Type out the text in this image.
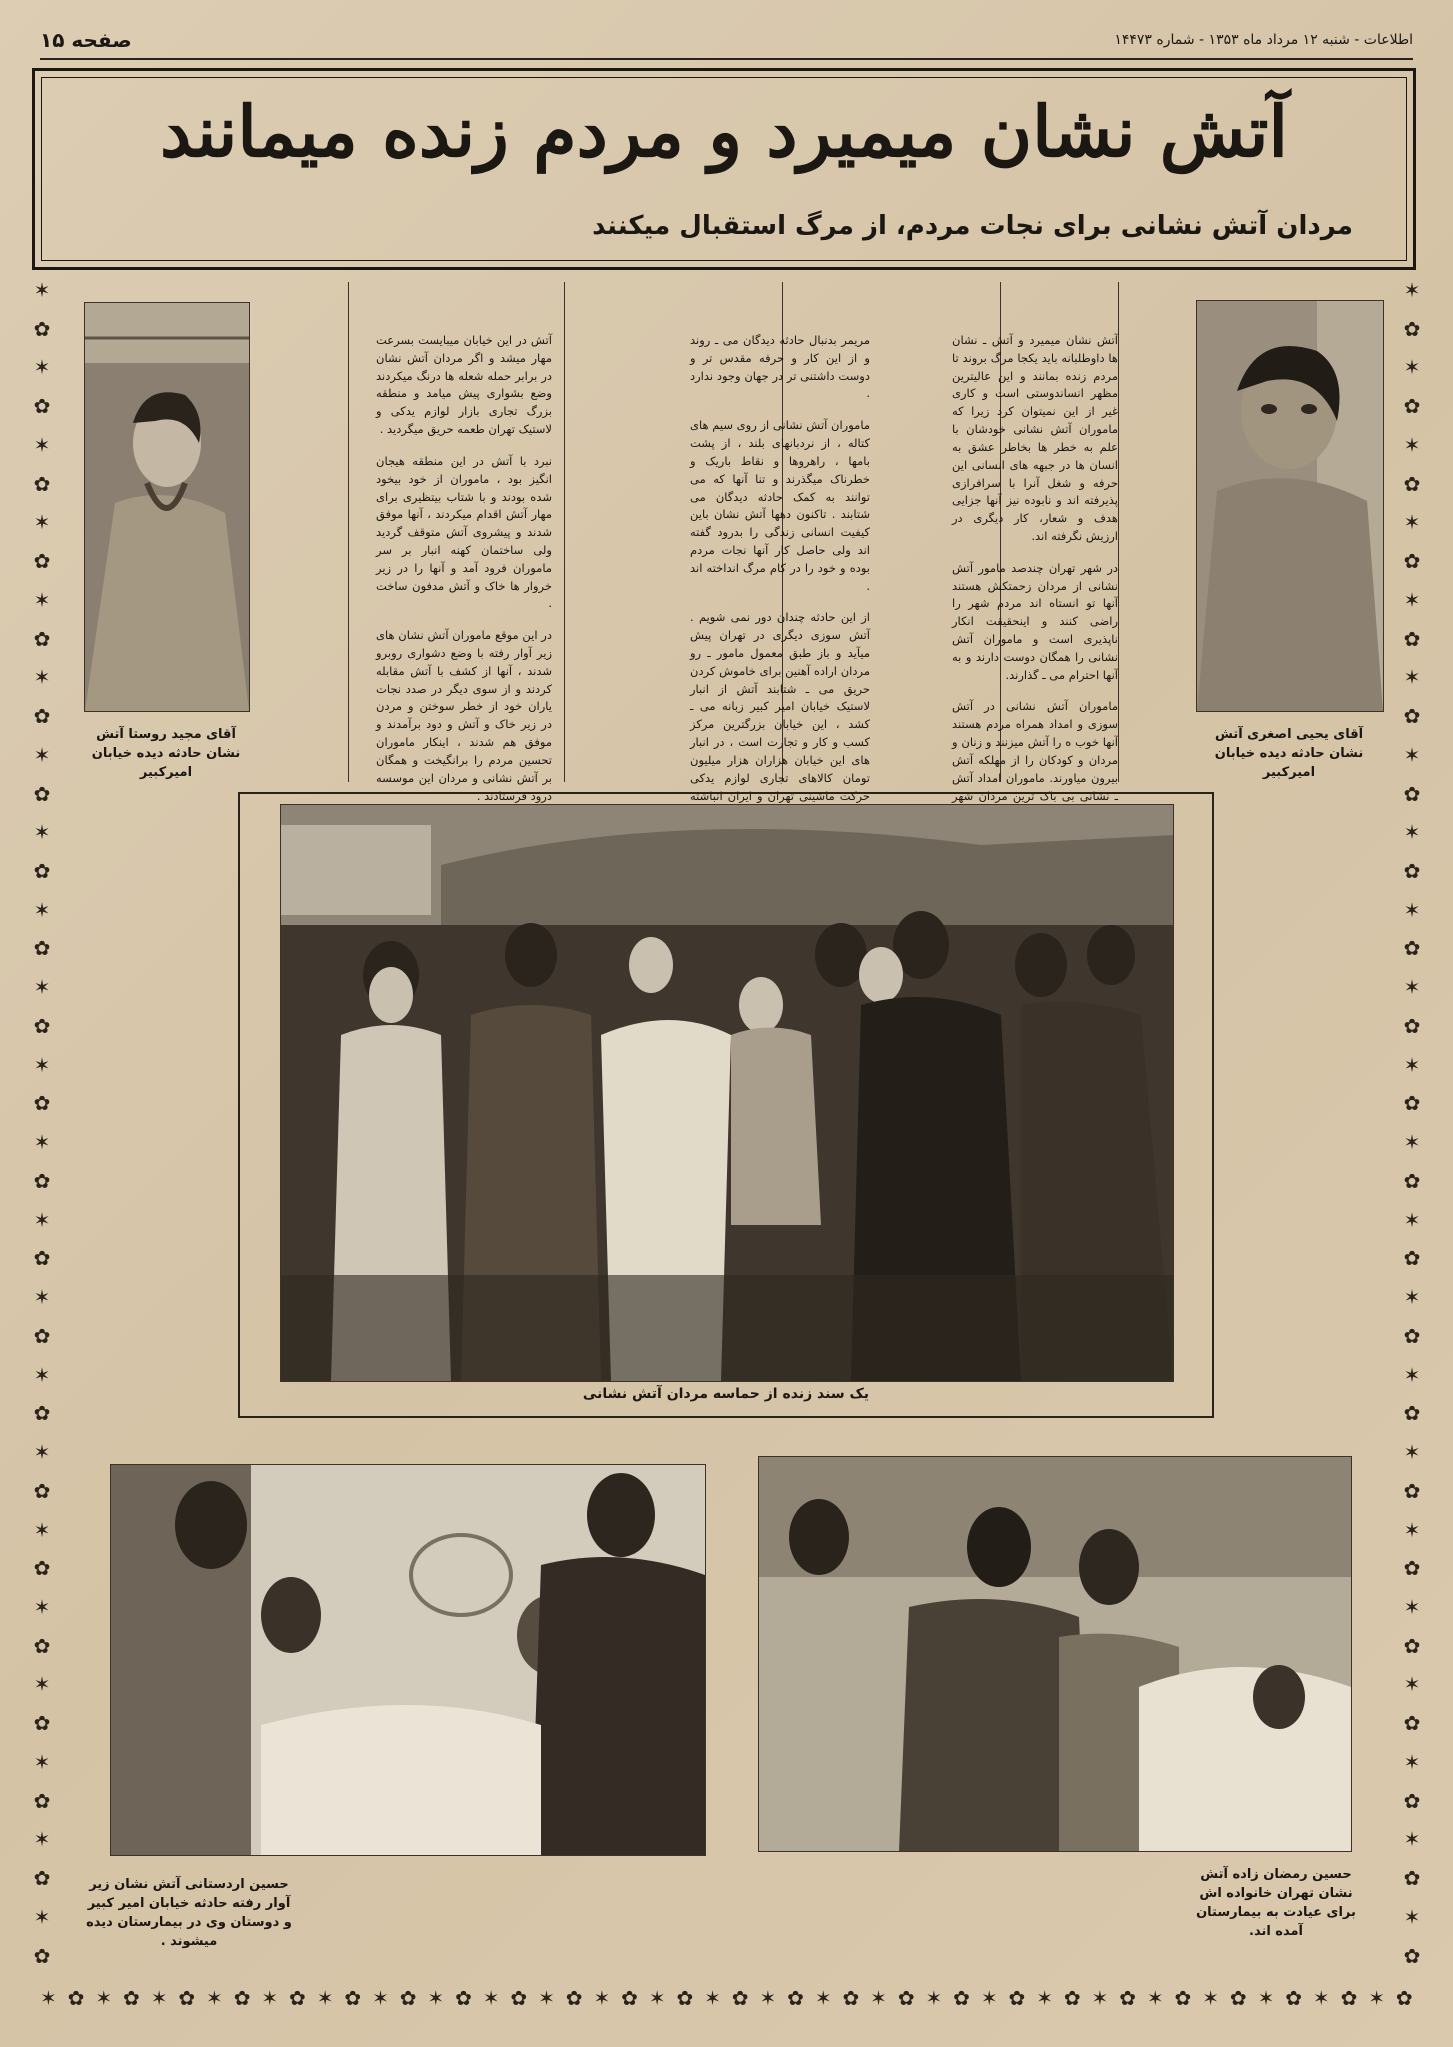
اطلاعات - شنبه ۱۲ مرداد ماه ۱۳۵۳ - شماره ۱۴۴۷۳
صفحه ۱۵
آتش نشان میمیرد و مردم زنده میمانند
مردان آتش نشانی برای نجات مردم، از مرگ استقبال میکنند
✶
✿
✶
✿
✶
✿
✶
✿
✶
✿
✶
✿
✶
✿
✶
✿
✶
✿
✶
✿
✶
✿
✶
✿
✶
✿
✶
✿
✶
✿
✶
✿
✶
✿
✶
✿
✶
✿
✶
✿
✶
✿
✶
✿
✶
✿
✶
✿
✶
✿
✶
✿
✶
✿
✶
✿
✶
✿
✶
✿
✶
✿
✶
✿
✶
✿
✶
✿
✶
✿
✶
✿
✶
✿
✶
✿
✶
✿
✶
✿
✶
✿
✶
✿
✶
✿
✶
✿
✶ ✿ ✶ ✿ ✶ ✿ ✶ ✿ ✶ ✿ ✶ ✿ ✶ ✿ ✶ ✿ ✶ ✿ ✶ ✿ ✶ ✿ ✶ ✿ ✶ ✿ ✶ ✿ ✶ ✿ ✶ ✿ ✶ ✿ ✶ ✿ ✶ ✿ ✶ ✿ ✶ ✿ ✶ ✿ ✶ ✿ ✶ ✿ ✶ ✿
آقای مجید روستا آتش نشان حادثه دیده خیابان امیرکبیر
آقای یحیی اصغری آتش نشان حادثه دیده خیابان امیرکبیر

آتش نشان میمیرد و آتش ـ نشان ها داوطلبانه باید یکجا مرگ بروند تا مردم زنده بمانند و این عالیترین مظهر انساندوستی است و کاری غیر از این نمیتوان کرد زیرا که ماموران آتش نشانی خودشان با علم به خطر ها بخاطر عشق به انسان ها در جبهه های انسانی این حرفه و شغل آنرا با سرافرازی پذیرفته اند و نابوده نیز آنها جزایی هدف و شعار، کار دیگری در ارزیش نگرفته اند.

در شهر تهران چندصد مامور آتش نشانی از مردان زحمتکش هستند آنها تو انستاه اند مردم شهر را راضی کنند و اینحقیقت انکار ناپذیری است و ماموران آتش نشانی را همگان دوست دارند و به آنها احترام می ـ گذارند.

ماموران آتش نشانی در آتش سوزی و امداد همراه مردم هستند آنها خوب ه را آتش میزنند و زنان و مردان و کودکان را از مهلکه آتش بیرون میاورند. ماموران امداد آتش ـ نشانی بی باک ترین مردان شهر

مریمر بدنبال حادثه دیدگان می ـ روند و از این کار و حرفه مقدس تر و دوست داشتنی تر در جهان وجود ندارد .

ماموران آتش نشانی از روی سیم های کتاله ، از نردبانهای بلند ، از پشت بامها ، راهروها و نقاط باریک و خطرناک میگذرند و تنا آنها که می توانند به کمک حادثه دیدگان می شتابند . تاکنون دهها آتش نشان باین کیفیت انسانی زندگی را بدرود گفته اند ولی حاصل کار آنها نجات مردم بوده و خود را در کام مرگ انداخته اند .

از این حادثه چندان دور نمی شویم . آتش سوزی دیگری در تهران پیش میآید و باز طبق معمول مامور ـ رو مردان اراده آهنین برای خاموش کردن حریق می ـ شتابند آتش از انبار لاستیک خیابان امیر کبیر زبانه می ـ کشد ، این خیابان بزرگترین مرکز کسب و کار و تجارت است ، در انبار های این خیابان هزاران هزار میلیون تومان کالاهای تجاری لوازم یدکی حرکت ماشینی تهران و ایران انباشته

آتش در این خیابان میبایست بسرعت مهار میشد و اگر مردان آتش نشان در برابر حمله شعله ها درنگ میکردند وضع بشواری پیش میامد و منطقه بزرگ تجاری بازار لوازم یدکی و لاستیک تهران طعمه حریق میگردید .

نبرد با آتش در این منطقه هیجان انگیز بود ، ماموران از خود بیخود شده بودند و با شتاب بیتظیری برای مهار آتش اقدام میکردند ، آنها موفق شدند و پیشروی آتش متوقف گردید ولی ساختمان کهنه انبار بر سر ماموران فرود آمد و آنها را در زیر خروار ها خاک و آتش مدفون ساخت .

در این موقع ماموران آتش نشان های زیر آوار رفته با وضع دشواری روبرو شدند ، آنها از کشف با آتش مقابله کردند و از سوی دیگر در صدد نجات یاران خود از خطر سوختن و مردن در زیر خاک و آتش و دود برآمدند و موفق هم شدند ، اینکار ماموران تحسین مردم را برانگیخت و همگان بر آتش نشانی و مردان این موسسه درود فرستادند .

یک سند زنده از حماسه مردان آتش نشانی
حسین اردستانی آتش نشان زیر آوار رفته حادثه خیابان امیر کبیر و دوستان وی در بیمارستان دیده میشوند .
حسین رمضان زاده آتش نشان تهران خانواده اش برای عیادت به بیمارستان آمده اند.
